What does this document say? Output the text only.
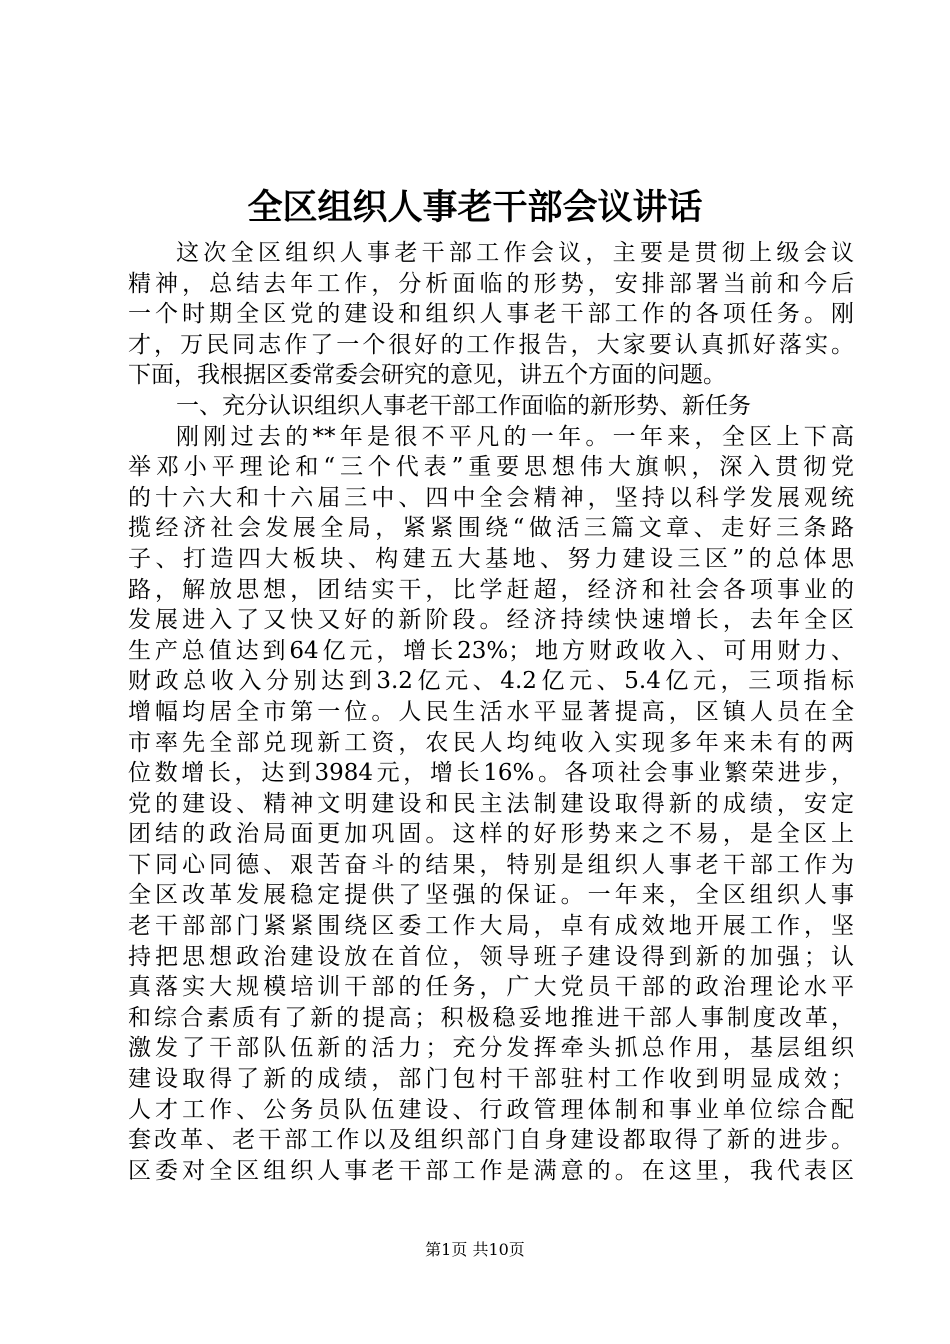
全区组织人事老干部会议讲话
这次全区组织人事老干部工作会议，主要是贯彻上级会议
精神，总结去年工作，分析面临的形势，安排部署当前和今后
一个时期全区党的建设和组织人事老干部工作的各项任务。刚
才，万民同志作了一个很好的工作报告，大家要认真抓好落实。
下面，我根据区委常委会研究的意见，讲五个方面的问题。
一、充分认识组织人事老干部工作面临的新形势、新任务
刚刚过去的**年是很不平凡的一年。一年来，全区上下高
举邓小平理论和“三个代表”重要思想伟大旗帜，深入贯彻党
的十六大和十六届三中、四中全会精神，坚持以科学发展观统
揽经济社会发展全局，紧紧围绕“做活三篇文章、走好三条路
子、打造四大板块、构建五大基地、努力建设三区”的总体思
路，解放思想，团结实干，比学赶超，经济和社会各项事业的
发展进入了又快又好的新阶段。经济持续快速增长，去年全区
生产总值达到64亿元，增长23%；地方财政收入、可用财力、
财政总收入分别达到3.2亿元、4.2亿元、5.4亿元，三项指标
增幅均居全市第一位。人民生活水平显著提高，区镇人员在全
市率先全部兑现新工资，农民人均纯收入实现多年来未有的两
位数增长，达到3984元，增长16%。各项社会事业繁荣进步，
党的建设、精神文明建设和民主法制建设取得新的成绩，安定
团结的政治局面更加巩固。这样的好形势来之不易，是全区上
下同心同德、艰苦奋斗的结果，特别是组织人事老干部工作为
全区改革发展稳定提供了坚强的保证。一年来，全区组织人事
老干部部门紧紧围绕区委工作大局，卓有成效地开展工作，坚
持把思想政治建设放在首位，领导班子建设得到新的加强；认
真落实大规模培训干部的任务，广大党员干部的政治理论水平
和综合素质有了新的提高；积极稳妥地推进干部人事制度改革，
激发了干部队伍新的活力；充分发挥牵头抓总作用，基层组织
建设取得了新的成绩，部门包村干部驻村工作收到明显成效；
人才工作、公务员队伍建设、行政管理体制和事业单位综合配
套改革、老干部工作以及组织部门自身建设都取得了新的进步。
区委对全区组织人事老干部工作是满意的。在这里，我代表区
第1页 共10页
